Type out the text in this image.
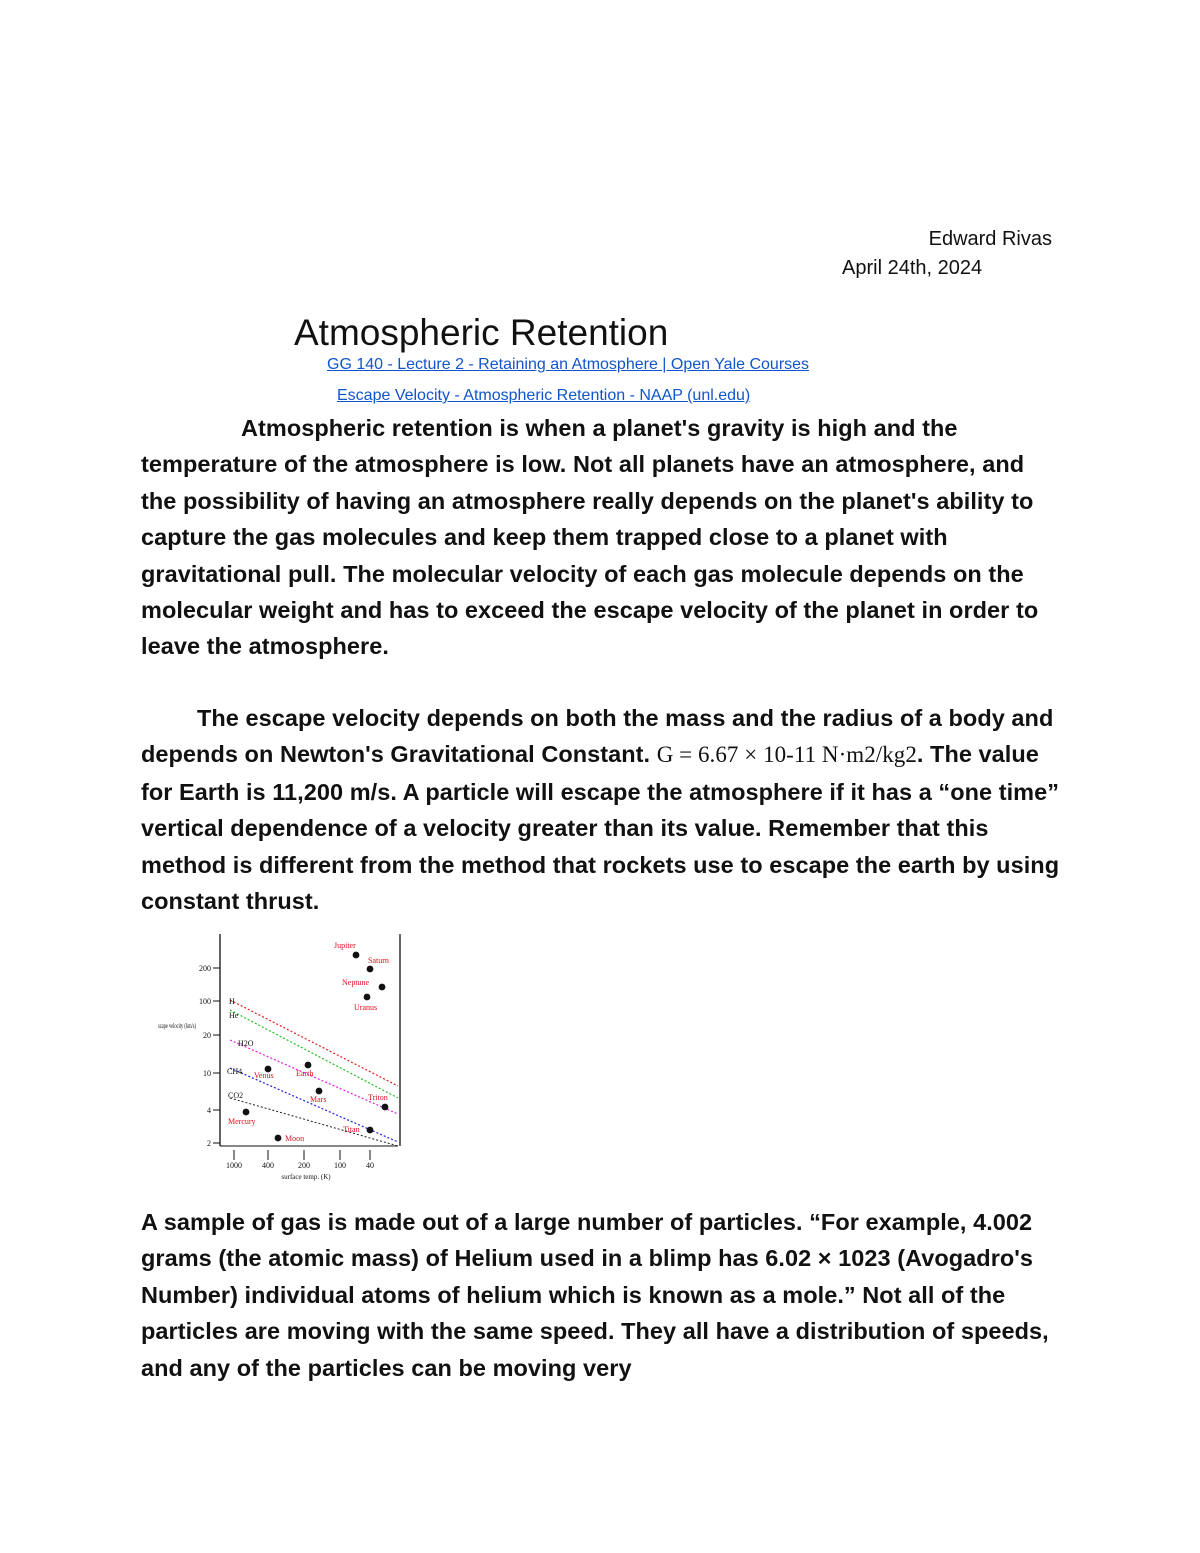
Edward Rivas
April 24th, 2024
Atmospheric Retention
GG 140 - Lecture 2 - Retaining an Atmosphere | Open Yale Courses
Escape Velocity - Atmospheric Retention - NAAP (unl.edu)

Atmospheric retention is when a planet's gravity is high and the temperature of the atmosphere is low. Not all planets have an atmosphere, and the possibility of having an atmosphere really depends on the planet's ability to capture the gas molecules and keep them trapped close to a planet with gravitational pull. The molecular velocity of each gas molecule depends on the molecular weight and has to exceed the escape velocity of the planet in order to leave the atmosphere.

The escape velocity depends on both the mass and the radius of a body and depends on Newton's Gravitational Constant. G = 6.67 × 10-11 N·m2/kg2. The value for Earth is 11,200 m/s. A particle will escape the atmosphere if it has a “one time” vertical dependence of a velocity greater than its value. Remember that this method is different from the method that rockets use to escape the earth by using constant thrust.

200
100
20
10
4
2
escape velocity (km/s)
1000	400	200	100	40
surface temp. (K)
H
He
H2O
CH4
CO2
Jupiter
Saturn
Neptune
Uranus
Earth
Venus
Mars
Mercury
Moon
Triton
Titan

A sample of gas is made out of a large number of particles. “For example, 4.002 grams (the atomic mass) of Helium used in a blimp has 6.02 × 1023 (Avogadro's Number) individual atoms of helium which is known as a mole.” Not all of the particles are moving with the same speed. They all have a distribution of speeds, and any of the particles can be moving very
